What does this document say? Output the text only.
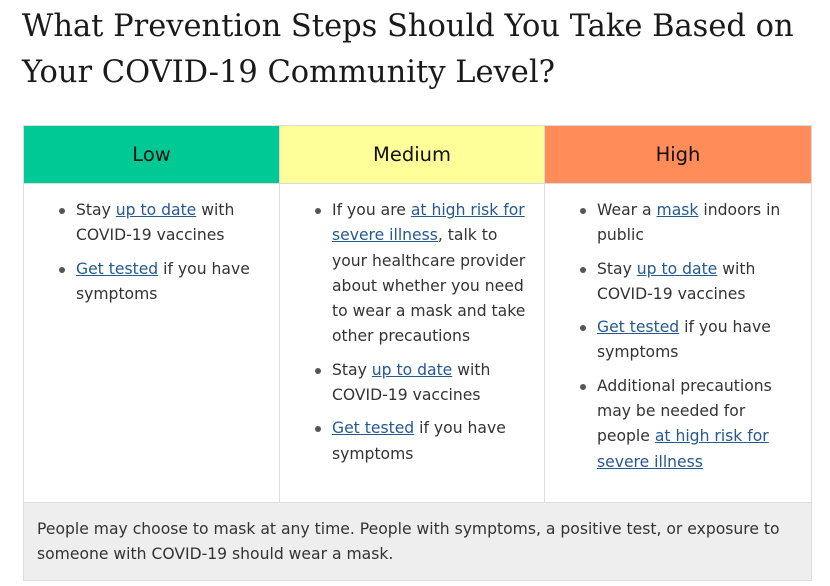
What Prevention Steps Should You Take Based on Your COVID-19 Community Level?
Low	Medium	High
Stay up to date with COVID-19 vaccines
Get tested if you have symptoms
If you are at high risk for severe illness, talk to your healthcare provider about whether you need to wear a mask and take other precautions
Stay up to date with COVID-19 vaccines
Get tested if you have symptoms
Wear a mask indoors in public
Stay up to date with COVID-19 vaccines
Get tested if you have symptoms
Additional precautions may be needed for people at high risk for severe illness
People may choose to mask at any time. People with symptoms, a positive test, or exposure to someone with COVID-19 should wear a mask.
